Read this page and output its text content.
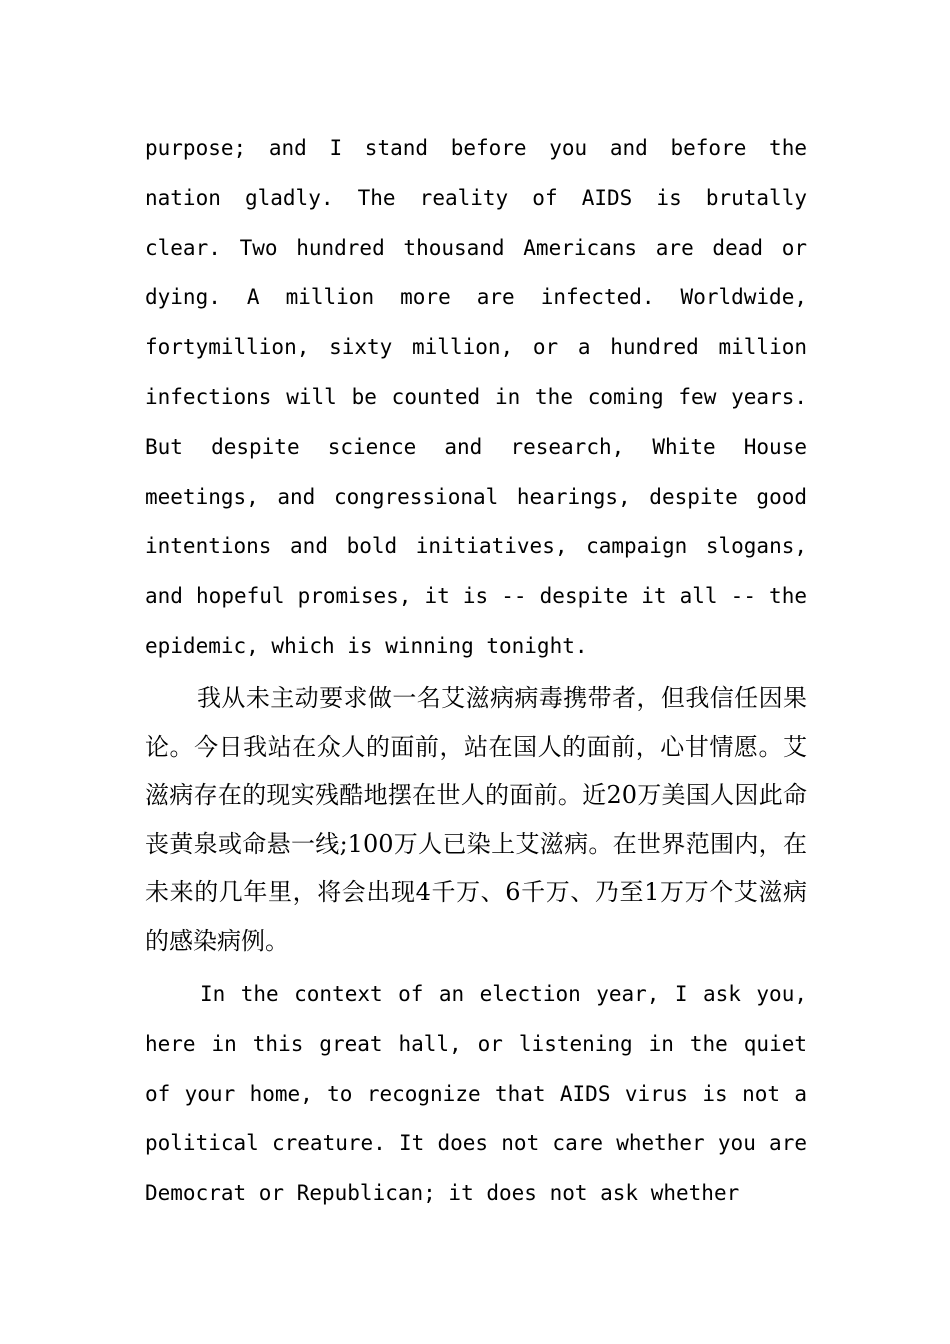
purpose; and I stand before you and before the nation gladly. The reality of AIDS is brutally clear. Two hundred thousand Americans are dead or dying. A million more are infected. Worldwide, fortymillion, sixty million, or a hundred million infections will be counted in the coming few years. But despite science and research, White House meetings, and congressional hearings, despite good intentions and bold initiatives, campaign slogans, and hopeful promises, it is -- despite it all -- the epidemic, which is winning tonight.

我从未主动要求做一名艾滋病病毒携带者，但我信任因果论。今日我站在众人的面前，站在国人的面前，心甘情愿。艾滋病存在的现实残酷地摆在世人的面前。近20万美国人因此命丧黄泉或命悬一线;100万人已染上艾滋病。在世界范围内，在未来的几年里，将会出现4千万、6千万、乃至1万万个艾滋病的感染病例。

In the context of an election year, I ask you, here in this great hall, or listening in the quiet of your home, to recognize that AIDS virus is not a political creature. It does not care whether you are Democrat or Republican; it does not ask whether
